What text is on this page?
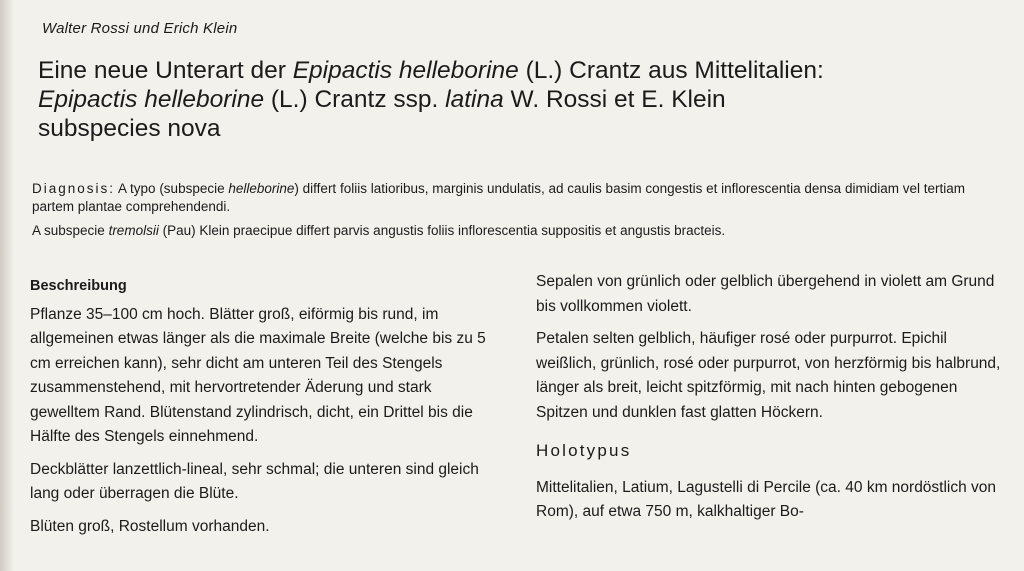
Walter Rossi und Erich Klein
Eine neue Unterart der Epipactis helleborine (L.) Crantz aus Mittelitalien:
Epipactis helleborine (L.) Crantz ssp. latina W. Rossi et E. Klein
subspecies nova

Diagnosis: A typo (subspecie helleborine) differt foliis latioribus, marginis undulatis, ad caulis basim congestis et inflorescentia densa dimidiam vel tertiam partem plantae comprehendendi.

A subspecie tremolsii (Pau) Klein praecipue differt parvis angustis foliis inflorescentia suppositis et angustis bracteis.

Beschreibung

Pflanze 35–100 cm hoch. Blätter groß, eiförmig bis rund, im allgemeinen etwas länger als die maximale Breite (welche bis zu 5 cm erreichen kann), sehr dicht am unteren Teil des Stengels zusammenstehend, mit hervortretender Äderung und stark gewelltem Rand. Blütenstand zylindrisch, dicht, ein Drittel bis die Hälfte des Stengels einnehmend.

Deckblätter lanzettlich-lineal, sehr schmal; die unteren sind gleich lang oder überragen die Blüte.

Blüten groß, Rostellum vorhanden.

Sepalen von grünlich oder gelblich übergehend in violett am Grund bis vollkommen violett.

Petalen selten gelblich, häufiger rosé oder purpurrot. Epichil weißlich, grünlich, rosé oder purpurrot, von herzförmig bis halbrund, länger als breit, leicht spitzförmig, mit nach hinten gebogenen Spitzen und dunklen fast glatten Höckern.

Holotypus

Mittelitalien, Latium, Lagustelli di Percile (ca. 40 km nordöstlich von Rom), auf etwa 750 m, kalkhaltiger Bo-
